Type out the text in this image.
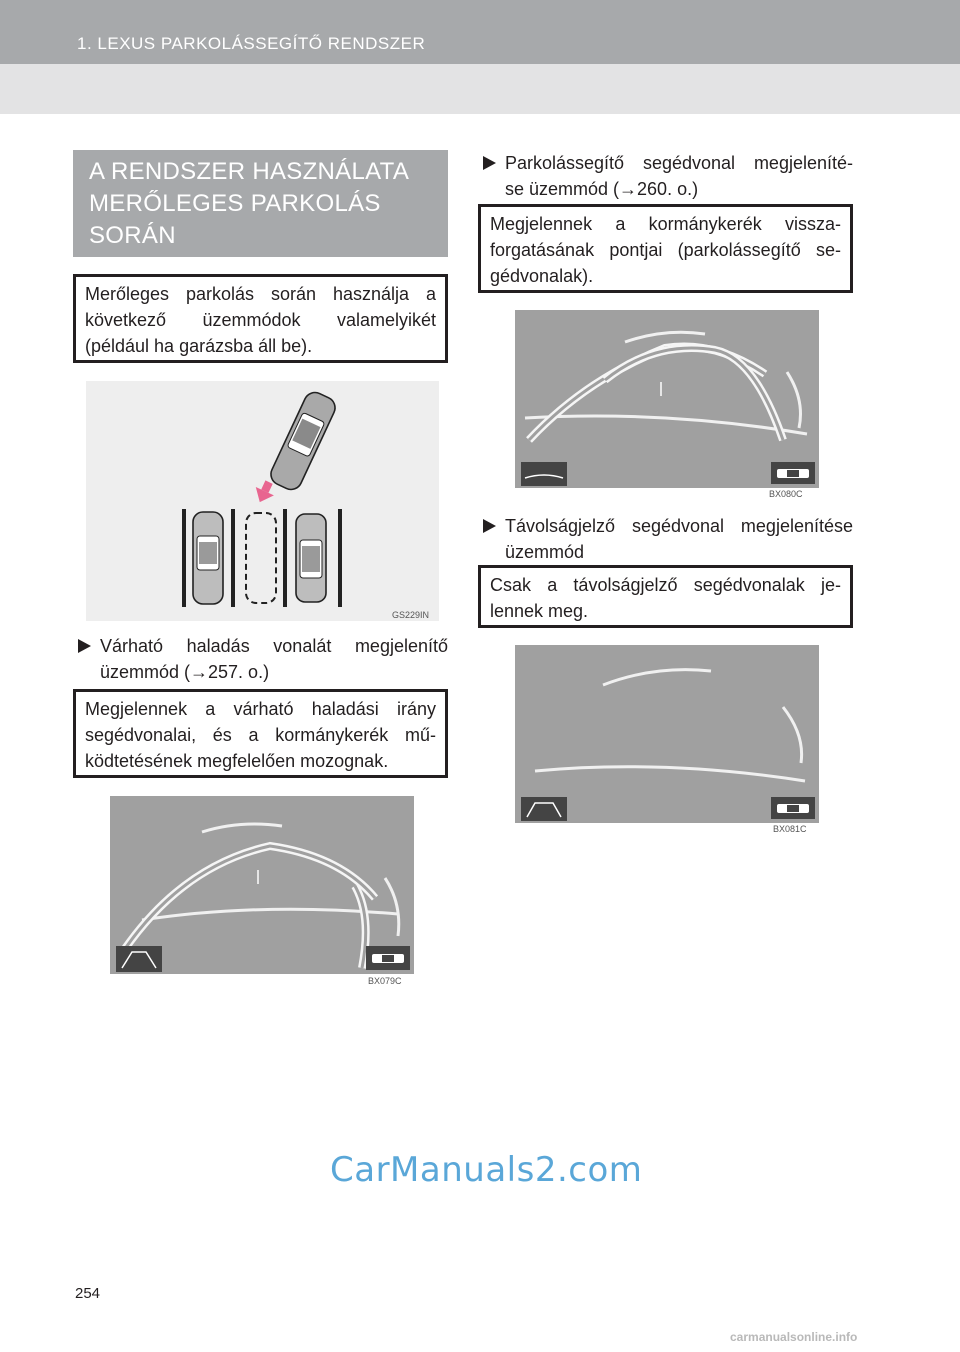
1. LEXUS PARKOLÁSSEGÍTŐ RENDSZER
A RENDSZER HASZNÁLATA
MERŐLEGES PARKOLÁS
SORÁN
Merőleges parkolás során használja a
következő üzemmódok valamelyikét
(például ha garázsba áll be).
GS229IN
Várható haladás vonalát megjelenítő
üzemmód (→257. o.)
Megjelennek a várható haladási irány
segédvonalai, és a kormánykerék mű-
ködtetésének megfelelően mozognak.
BX079C
Parkolássegítő segédvonal megjeleníté-
se üzemmód (→260. o.)
Megjelennek a kormánykerék vissza-
forgatásának pontjai (parkolássegítő se-
gédvonalak).
BX080C
Távolságjelző segédvonal megjelenítése
üzemmód
Csak a távolságjelző segédvonalak je-
lennek meg.
BX081C
CarManuals2.com
254
carmanualsonline.info
